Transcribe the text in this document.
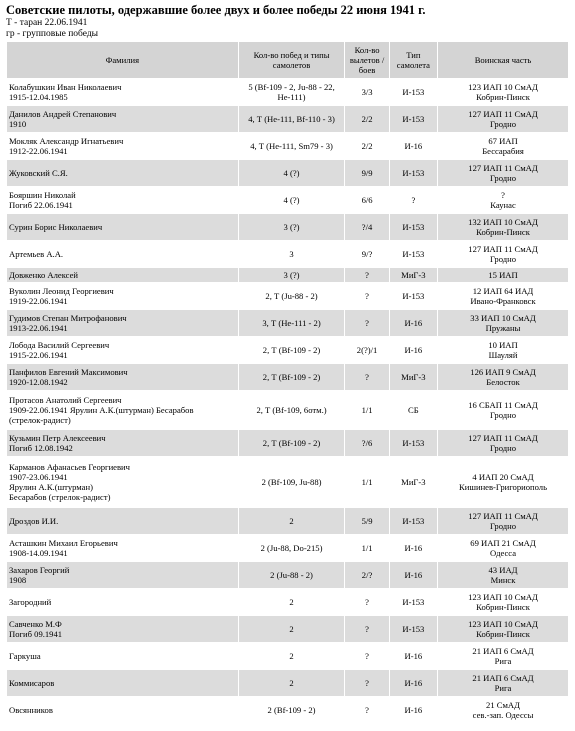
Советские пилоты, одержавшие более двух и более победы 22 июня 1941 г.
Т - таран 22.06.1941
гр - групповые победы
Фамилия	Кол-во побед и типы самолетов	Кол-во вылетов / боев	Тип самолета	Воинская часть

Колабушкин Иван Николаевич
1915-12.04.1985	5 (Bf-109 - 2, Ju-88 - 22,
He-111)	3/3	И-153	123 ИАП 10 СмАД
Кобрин-Пинск

Данилов Андрей Степанович
1910	4, Т (He-111, Bf-110 - 3)	2/2	И-153	127 ИАП 11 СмАД
Гродно

Мокляк Александр Игнатьевич
1912-22.06.1941	4, Т (He-111, Sm79 - 3)	2/2	И-16	67 ИАП
Бессарабия

Жуковский С.Я.	4 (?)	9/9	И-153	127 ИАП 11 СмАД
Гродно

Бояршин Николай
Погиб 22.06.1941	4 (?)	6/6	?	?
Каунас

Сурин Борис Николаевич	3 (?)	?/4	И-153	132 ИАП 10 СмАД
Кобрин-Пинск

Артемьев А.А.	3	9/?	И-153	127 ИАП 11 СмАД
Гродно

Довженко Алексей	3 (?)	?	МиГ-3	15 ИАП

Вуколин Леонид Георгиевич
1919-22.06.1941	2, Т (Ju-88 - 2)	?	И-153	12 ИАП 64 ИАД
Ивано-Франковск

Гудимов Степан Митрофанович
1913-22.06.1941	3, Т (He-111 - 2)	?	И-16	33 ИАП 10 СмАД
Пружаны

Лобода Василий Сергеевич
1915-22.06.1941	2, Т (Bf-109 - 2)	2(?)/1	И-16	10 ИАП
Шауляй

Панфилов Евгений Максимович
1920-12.08.1942	2, Т (Bf-109 - 2)	?	МиГ-3	126 ИАП 9 СмАД
Белосток

Протасов Анатолий Сергеевич
1909-22.06.1941 Ярулин А.К.(штурман) Бесарабов
(стрелок-радист)	2, Т (Bf-109, 6отм.)	1/1	СБ	16 СБАП 11 СмАД
Гродно

Кузьмин Петр Алексеевич
Погиб 12.08.1942	2, Т (Bf-109 - 2)	?/6	И-153	127 ИАП 11 СмАД
Гродно

Карманов Афанасьев Георгиевич
1907-23.06.1941
Ярулин А.К.(штурман)
Бесарабов (стрелок-радист)	2 (Bf-109, Ju-88)	1/1	МиГ-3	4 ИАП 20 СмАД
Кишинев-Григориополь

Дроздов И.И.	2	5/9	И-153	127 ИАП 11 СмАД
Гродно

Асташкин Михаил Егорьевич
1908-14.09.1941	2 (Ju-88, Do-215)	1/1	И-16	69 ИАП 21 СмАД
Одесса

Захаров Георгий
1908	2 (Ju-88 - 2)	2/?	И-16	43 ИАД
Минск

Загородний	2	?	И-153	123 ИАП 10 СмАД
Кобрин-Пинск

Савченко М.Ф
Погиб 09.1941	2	?	И-153	123 ИАП 10 СмАД
Кобрин-Пинск

Гаркуша	2	?	И-16	21 ИАП 6 СмАД
Рига

Коммисаров	2	?	И-16	21 ИАП 6 СмАД
Рига

Овсянников	2 (Bf-109 - 2)	?	И-16	21 СмАД
сев.-зап. Одессы
